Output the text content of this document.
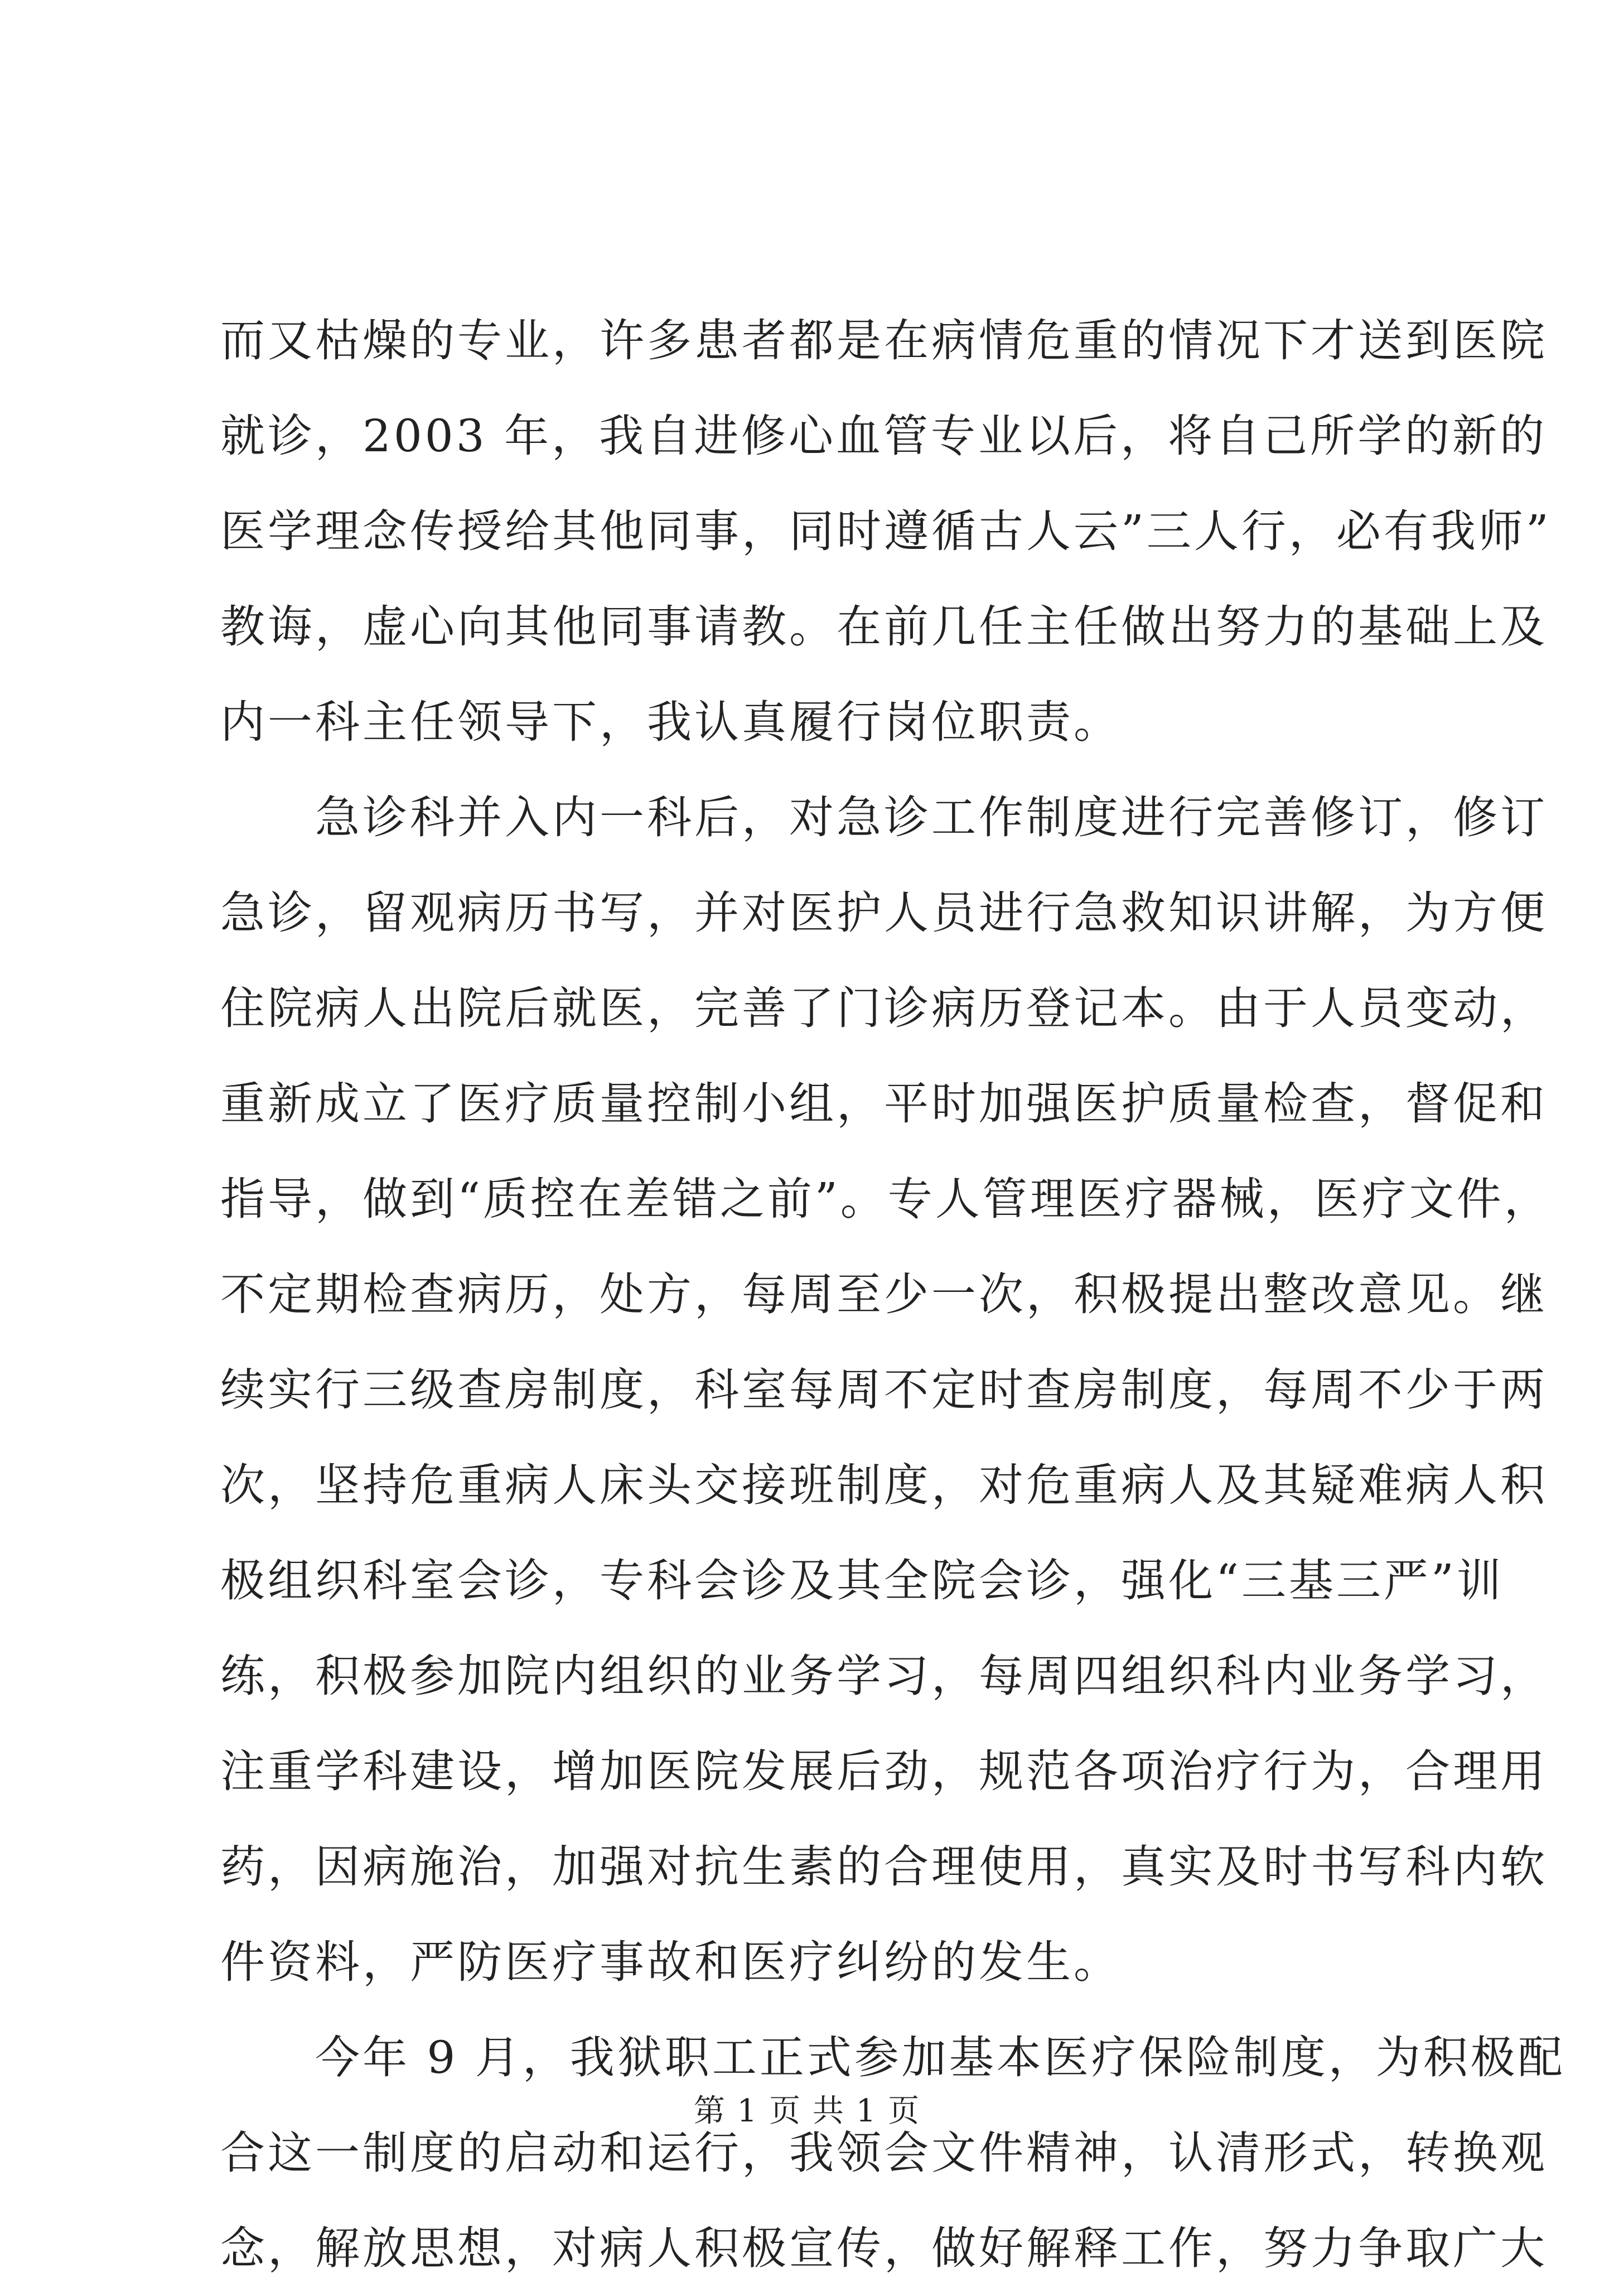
而又枯燥的专业，许多患者都是在病情危重的情况下才送到医院
就诊，2003 年，我自进修心血管专业以后，将自己所学的新的
医学理念传授给其他同事，同时遵循古人云”三人行，必有我师”
教诲，虚心向其他同事请教。在前几任主任做出努力的基础上及
内一科主任领导下，我认真履行岗位职责。
急诊科并入内一科后，对急诊工作制度进行完善修订，修订
急诊，留观病历书写，并对医护人员进行急救知识讲解，为方便
住院病人出院后就医，完善了门诊病历登记本。由于人员变动，
重新成立了医疗质量控制小组，平时加强医护质量检查，督促和
指导，做到“质控在差错之前”。专人管理医疗器械，医疗文件，
不定期检查病历，处方，每周至少一次，积极提出整改意见。继
续实行三级查房制度，科室每周不定时查房制度，每周不少于两
次，坚持危重病人床头交接班制度，对危重病人及其疑难病人积
极组织科室会诊，专科会诊及其全院会诊，强化“三基三严”训
练，积极参加院内组织的业务学习，每周四组织科内业务学习，
注重学科建设，增加医院发展后劲，规范各项治疗行为，合理用
药，因病施治，加强对抗生素的合理使用，真实及时书写科内软
件资料，严防医疗事故和医疗纠纷的发生。
今年 9 月，我狱职工正式参加基本医疗保险制度，为积极配
合这一制度的启动和运行，我领会文件精神，认清形式，转换观
念，解放思想，对病人积极宣传，做好解释工作，努力争取广大
第 1 页 共 1 页
